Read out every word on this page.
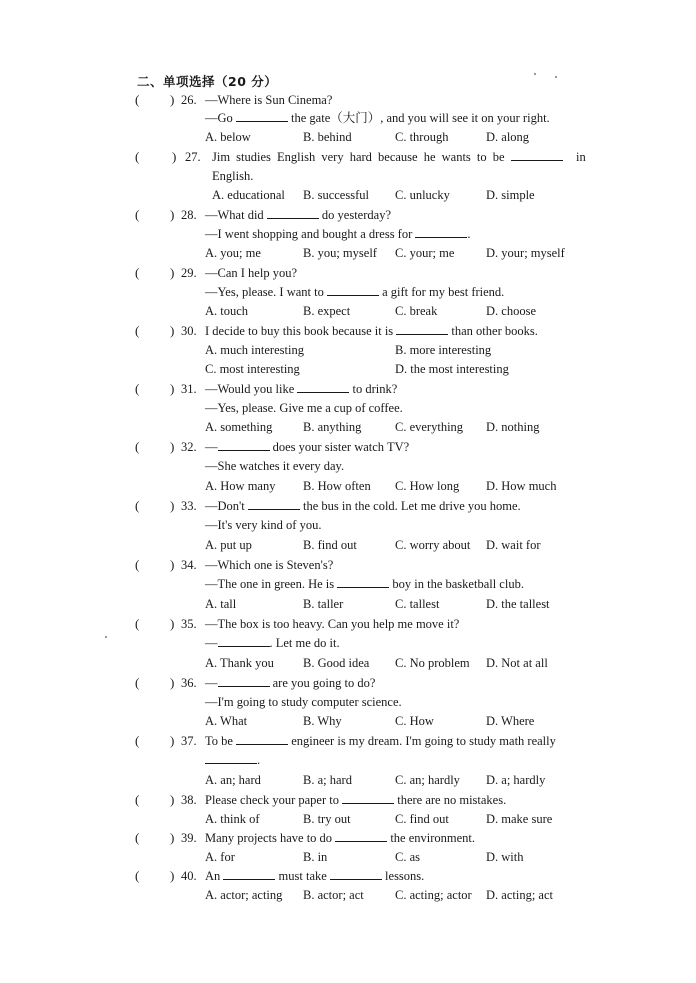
二、单项选择（20 分）
( ) 26. —Where is Sun Cinema?
—Go	the gate（大门）, and you will see it on your right.
A. below	B. behind	C. through	D. along
(	) 27. Jim studies English very hard because he wants to be	in
English.
A. educational B. successful C. unlucky	D. simple
( ) 28. —What did	do yesterday?
—I went shopping and bought a dress for	.
A. you; me	B. you; myself C. your; me	D. your; myself
( ) 29. —Can I help you?
—Yes, please. I want to	a gift for my best friend.
A. touch	B. expect	C. break	D. choose
( ) 30. I decide to buy this book because it is	than other books.
A. much interesting	B. more interesting
C. most interesting	D. the most interesting
( ) 31. —Would you like	to drink?
—Yes, please. Give me a cup of coffee.
A. something B. anything	C. everything D. nothing
( ) 32. —	does your sister watch TV?
—She watches it every day.
A. How many B. How often C. How long D. How much
( ) 33. —Don't	the bus in the cold. Let me drive you home.
—It's very kind of you.
A. put up	B. find out	C. worry about D. wait for
( ) 34. —Which one is Steven's?
—The one in green. He is	boy in the basketball club.
A. tall	B. taller	C. tallest	D. the tallest
( ) 35. —The box is too heavy. Can you help me move it?
—	. Let me do it.
A. Thank you B. Good idea C. No problem D. Not at all
( ) 36. —	are you going to do?
—I'm going to study computer science.
A. What	B. Why	C. How	D. Where
( ) 37. To be	engineer is my dream. I'm going to study math really
.
A. an; hard	B. a; hard	C. an; hardly D. a; hardly
( ) 38. Please check your paper to	there are no mistakes.
A. think of	B. try out	C. find out	D. make sure
( ) 39. Many projects have to do	the environment.
A. for	B. in	C. as	D. with
( ) 40. An	must take	lessons.
A. actor; acting B. actor; act	C. acting; actor D. acting; act
